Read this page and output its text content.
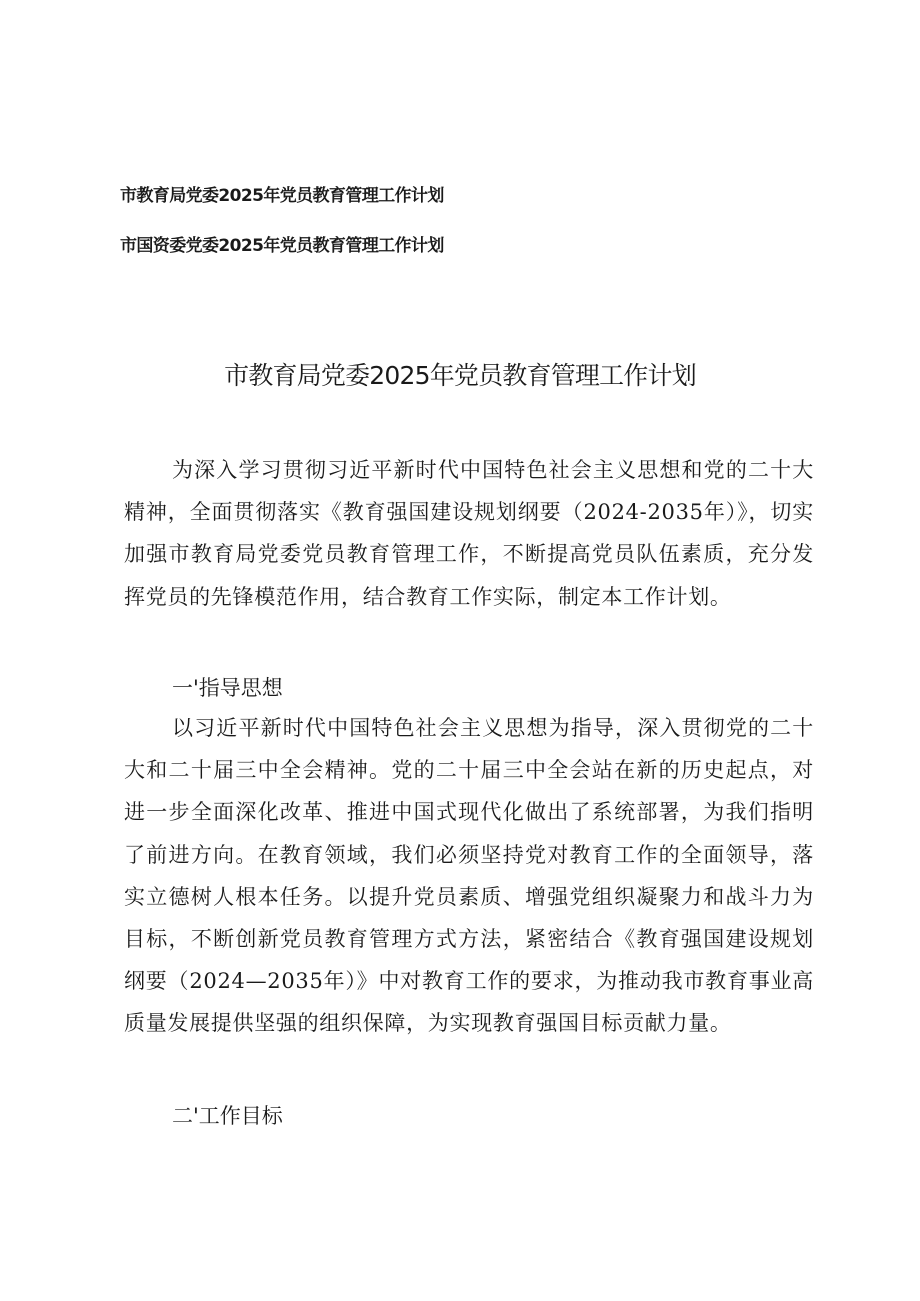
市教育局党委2025年党员教育管理工作计划
市国资委党委2025年党员教育管理工作计划
市教育局党委2025年党员教育管理工作计划

为深入学习贯彻习近平新时代中国特色社会主义思想和党的二十大精神，全面贯彻落实《教育强国建设规划纲要（2024-2035年）》，切实加强市教育局党委党员教育管理工作，不断提高党员队伍素质，充分发挥党员的先锋模范作用，结合教育工作实际，制定本工作计划。

一'指导思想

以习近平新时代中国特色社会主义思想为指导，深入贯彻党的二十大和二十届三中全会精神。党的二十届三中全会站在新的历史起点，对进一步全面深化改革、推进中国式现代化做出了系统部署，为我们指明了前进方向。在教育领域，我们必须坚持党对教育工作的全面领导，落实立德树人根本任务。以提升党员素质、增强党组织凝聚力和战斗力为目标，不断创新党员教育管理方式方法，紧密结合《教育强国建设规划纲要（2024—2035年）》中对教育工作的要求，为推动我市教育事业高质量发展提供坚强的组织保障，为实现教育强国目标贡献力量。

二'工作目标
